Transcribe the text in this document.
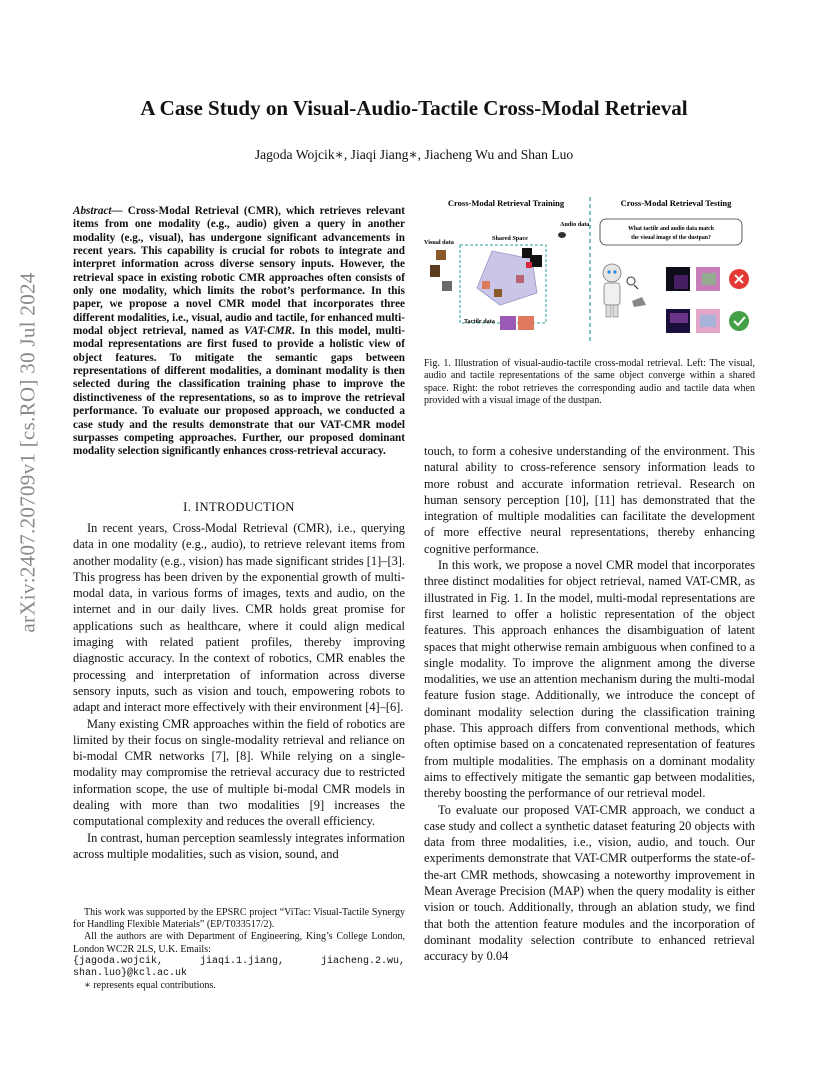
arXiv:2407.20709v1 [cs.RO] 30 Jul 2024
A Case Study on Visual-Audio-Tactile Cross-Modal Retrieval
Jagoda Wojcik∗, Jiaqi Jiang∗, Jiacheng Wu and Shan Luo
Abstract— Cross-Modal Retrieval (CMR), which retrieves relevant items from one modality (e.g., audio) given a query in another modality (e.g., visual), has undergone significant advancements in recent years. This capability is crucial for robots to integrate and interpret information across diverse sensory inputs. However, the retrieval space in existing robotic CMR approaches often consists of only one modality, which limits the robot’s performance. In this paper, we propose a novel CMR model that incorporates three different modalities, i.e., visual, audio and tactile, for enhanced multi-modal object retrieval, named as VAT-CMR. In this model, multi-modal representations are first fused to provide a holistic view of object features. To mitigate the semantic gaps between representations of different modalities, a dominant modality is then selected during the classification training phase to improve the distinctiveness of the representations, so as to improve the retrieval performance. To evaluate our proposed approach, we conducted a case study and the results demonstrate that our VAT-CMR model surpasses competing approaches. Further, our proposed dominant modality selection significantly enhances cross-retrieval accuracy.
I. INTRODUCTION

In recent years, Cross-Modal Retrieval (CMR), i.e., querying data in one modality (e.g., audio), to retrieve relevant items from another modality (e.g., vision) has made significant strides [1]–[3]. This progress has been driven by the exponential growth of multi-modal data, in various forms of images, texts and audio, on the internet and in our daily lives. CMR holds great promise for applications such as healthcare, where it could align medical imaging with related patient profiles, thereby improving diagnostic accuracy. In the context of robotics, CMR enables the processing and interpretation of information across diverse sensory inputs, such as vision and touch, empowering robots to adapt and interact more effectively with their environment [4]–[6].

Many existing CMR approaches within the field of robotics are limited by their focus on single-modality retrieval and reliance on bi-modal CMR networks [7], [8]. While relying on a single-modality may compromise the retrieval accuracy due to restricted information scope, the use of multiple bi-modal CMR models in dealing with more than two modalities [9] increases the computational complexity and reduces the overall efficiency.

In contrast, human perception seamlessly integrates information across multiple modalities, such as vision, sound, and

This work was supported by the EPSRC project “ViTac: Visual-Tactile Synergy for Handling Flexible Materials” (EP/T033517/2).

All the authors are with Department of Engineering, King’s College London, London WC2R 2LS, U.K. Emails:

{jagoda.wojcik, jiaqi.1.jiang, jiacheng.2.wu, shan.luo}@kcl.ac.uk

∗ represents equal contributions.

Cross-Modal Retrieval Training	Cross-Modal Retrieval Testing
Audio data
Visual data
Shared Space
Tactile data
What tactile and audio data match
the visual image of the dustpan?
Fig. 1. Illustration of visual-audio-tactile cross-modal retrieval. Left: The visual, audio and tactile representations of the same object converge within a shared space. Right: the robot retrieves the corresponding audio and tactile data when provided with a visual image of the dustpan.

touch, to form a cohesive understanding of the environment. This natural ability to cross-reference sensory information leads to more robust and accurate information retrieval. Research on human sensory perception [10], [11] has demonstrated that the integration of multiple modalities can facilitate the development of more effective neural representations, thereby enhancing cognitive performance.

In this work, we propose a novel CMR model that incorporates three distinct modalities for object retrieval, named VAT-CMR, as illustrated in Fig. 1. In the model, multi-modal representations are first learned to offer a holistic representation of the object features. This approach enhances the disambiguation of latent spaces that might otherwise remain ambiguous when confined to a single modality. To improve the alignment among the diverse modalities, we use an attention mechanism during the multi-modal feature fusion stage. Additionally, we introduce the concept of dominant modality selection during the classification training phase. This approach differs from conventional methods, which often optimise based on a concatenated representation of features from multiple modalities. The emphasis on a dominant modality aims to effectively mitigate the semantic gap between modalities, thereby boosting the performance of our retrieval model.

To evaluate our proposed VAT-CMR approach, we conduct a case study and collect a synthetic dataset featuring 20 objects with data from three modalities, i.e., vision, audio, and touch. Our experiments demonstrate that VAT-CMR outperforms the state-of-the-art CMR methods, showcasing a noteworthy improvement in Mean Average Precision (MAP) when the query modality is either vision or touch. Additionally, through an ablation study, we find that both the attention feature modules and the incorporation of dominant modality selection contribute to enhanced retrieval accuracy by 0.04
